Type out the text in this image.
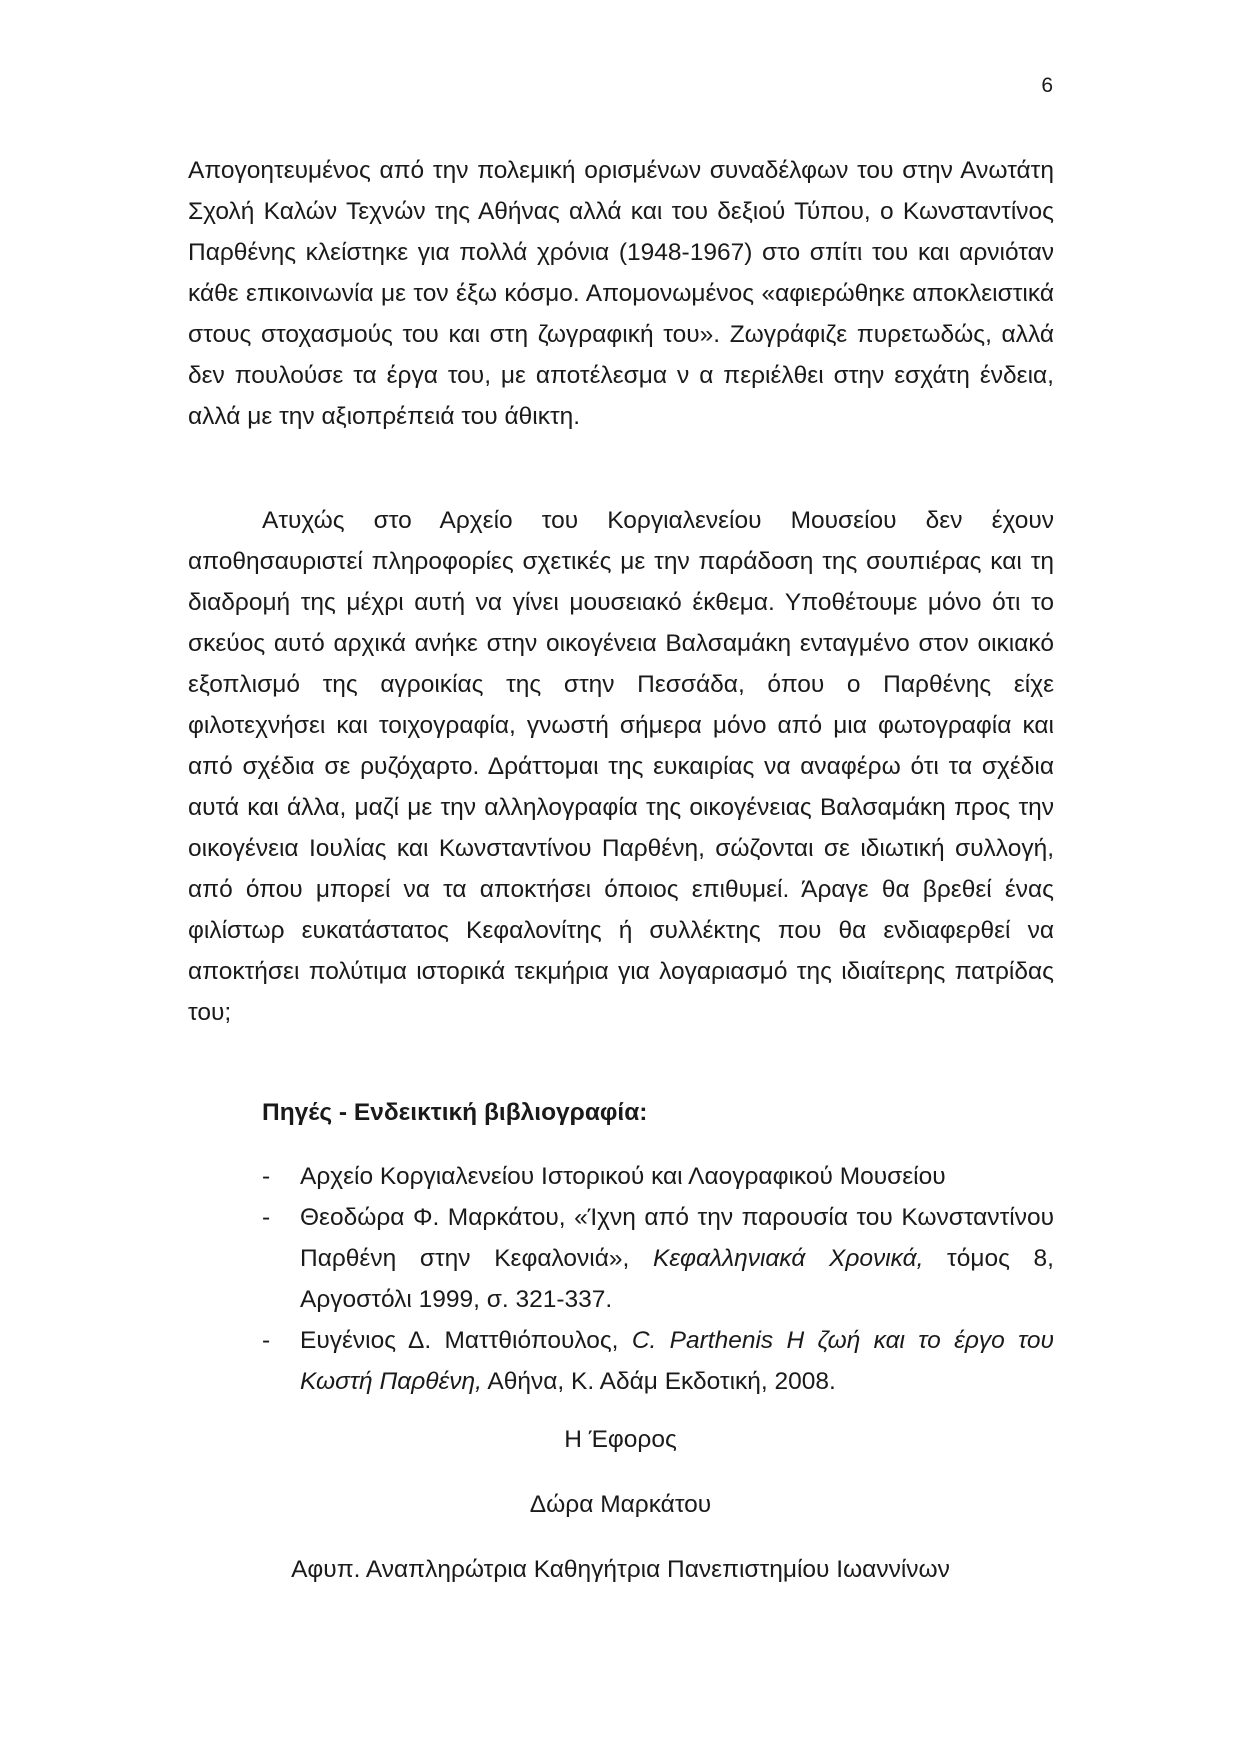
6

Απογοητευμένος από την πολεμική ορισμένων συναδέλφων του στην Ανωτάτη Σχολή Καλών Τεχνών της Αθήνας αλλά και του δεξιού Τύπου, ο Κωνσταντίνος Παρθένης κλείστηκε για πολλά χρόνια (1948-1967) στο σπίτι του και αρνιόταν κάθε επικοινωνία με τον έξω κόσμο. Απομονωμένος «αφιερώθηκε αποκλειστικά στους στοχασμούς του και στη ζωγραφική του». Ζωγράφιζε πυρετωδώς, αλλά δεν πουλούσε τα έργα του, με αποτέλεσμα ν α περιέλθει στην εσχάτη ένδεια, αλλά με την αξιοπρέπειά του άθικτη.

Ατυχώς στο Αρχείο του Κοργιαλενείου Μουσείου δεν έχουν αποθησαυριστεί πληροφορίες σχετικές με την παράδοση της σουπιέρας και τη διαδρομή της μέχρι αυτή να γίνει μουσειακό έκθεμα. Υποθέτουμε μόνο ότι το σκεύος αυτό αρχικά ανήκε στην οικογένεια Βαλσαμάκη ενταγμένο στον οικιακό εξοπλισμό της αγροικίας της στην Πεσσάδα, όπου ο Παρθένης είχε φιλοτεχνήσει και τοιχογραφία, γνωστή σήμερα μόνο από μια φωτογραφία και από σχέδια σε ρυζόχαρτο. Δράττομαι της ευκαιρίας να αναφέρω ότι τα σχέδια αυτά και άλλα, μαζί με την αλληλογραφία της οικογένειας Βαλσαμάκη προς την οικογένεια Ιουλίας και Κωνσταντίνου Παρθένη, σώζονται σε ιδιωτική συλλογή, από όπου μπορεί να τα αποκτήσει όποιος επιθυμεί. Άραγε θα βρεθεί ένας φιλίστωρ ευκατάστατος Κεφαλονίτης ή συλλέκτης που θα ενδιαφερθεί να αποκτήσει πολύτιμα ιστορικά τεκμήρια για λογαριασμό της ιδιαίτερης πατρίδας του;

Πηγές - Ενδεικτική βιβλιογραφία:
- Αρχείο Κοργιαλενείου Ιστορικού και Λαογραφικού Μουσείου
- Θεοδώρα Φ. Μαρκάτου, «Ίχνη από την παρουσία του Κωνσταντίνου Παρθένη στην Κεφαλονιά», Κεφαλληνιακά Χρονικά, τόμος 8, Αργοστόλι 1999, σ. 321-337.
- Ευγένιος Δ. Ματτθιόπουλος, C. Parthenis Η ζωή και το έργο του Κωστή Παρθένη, Αθήνα, Κ. Αδάμ Εκδοτική, 2008.
Η Έφορος
Δώρα Μαρκάτου
Αφυπ. Αναπληρώτρια Καθηγήτρια Πανεπιστημίου Ιωαννίνων
